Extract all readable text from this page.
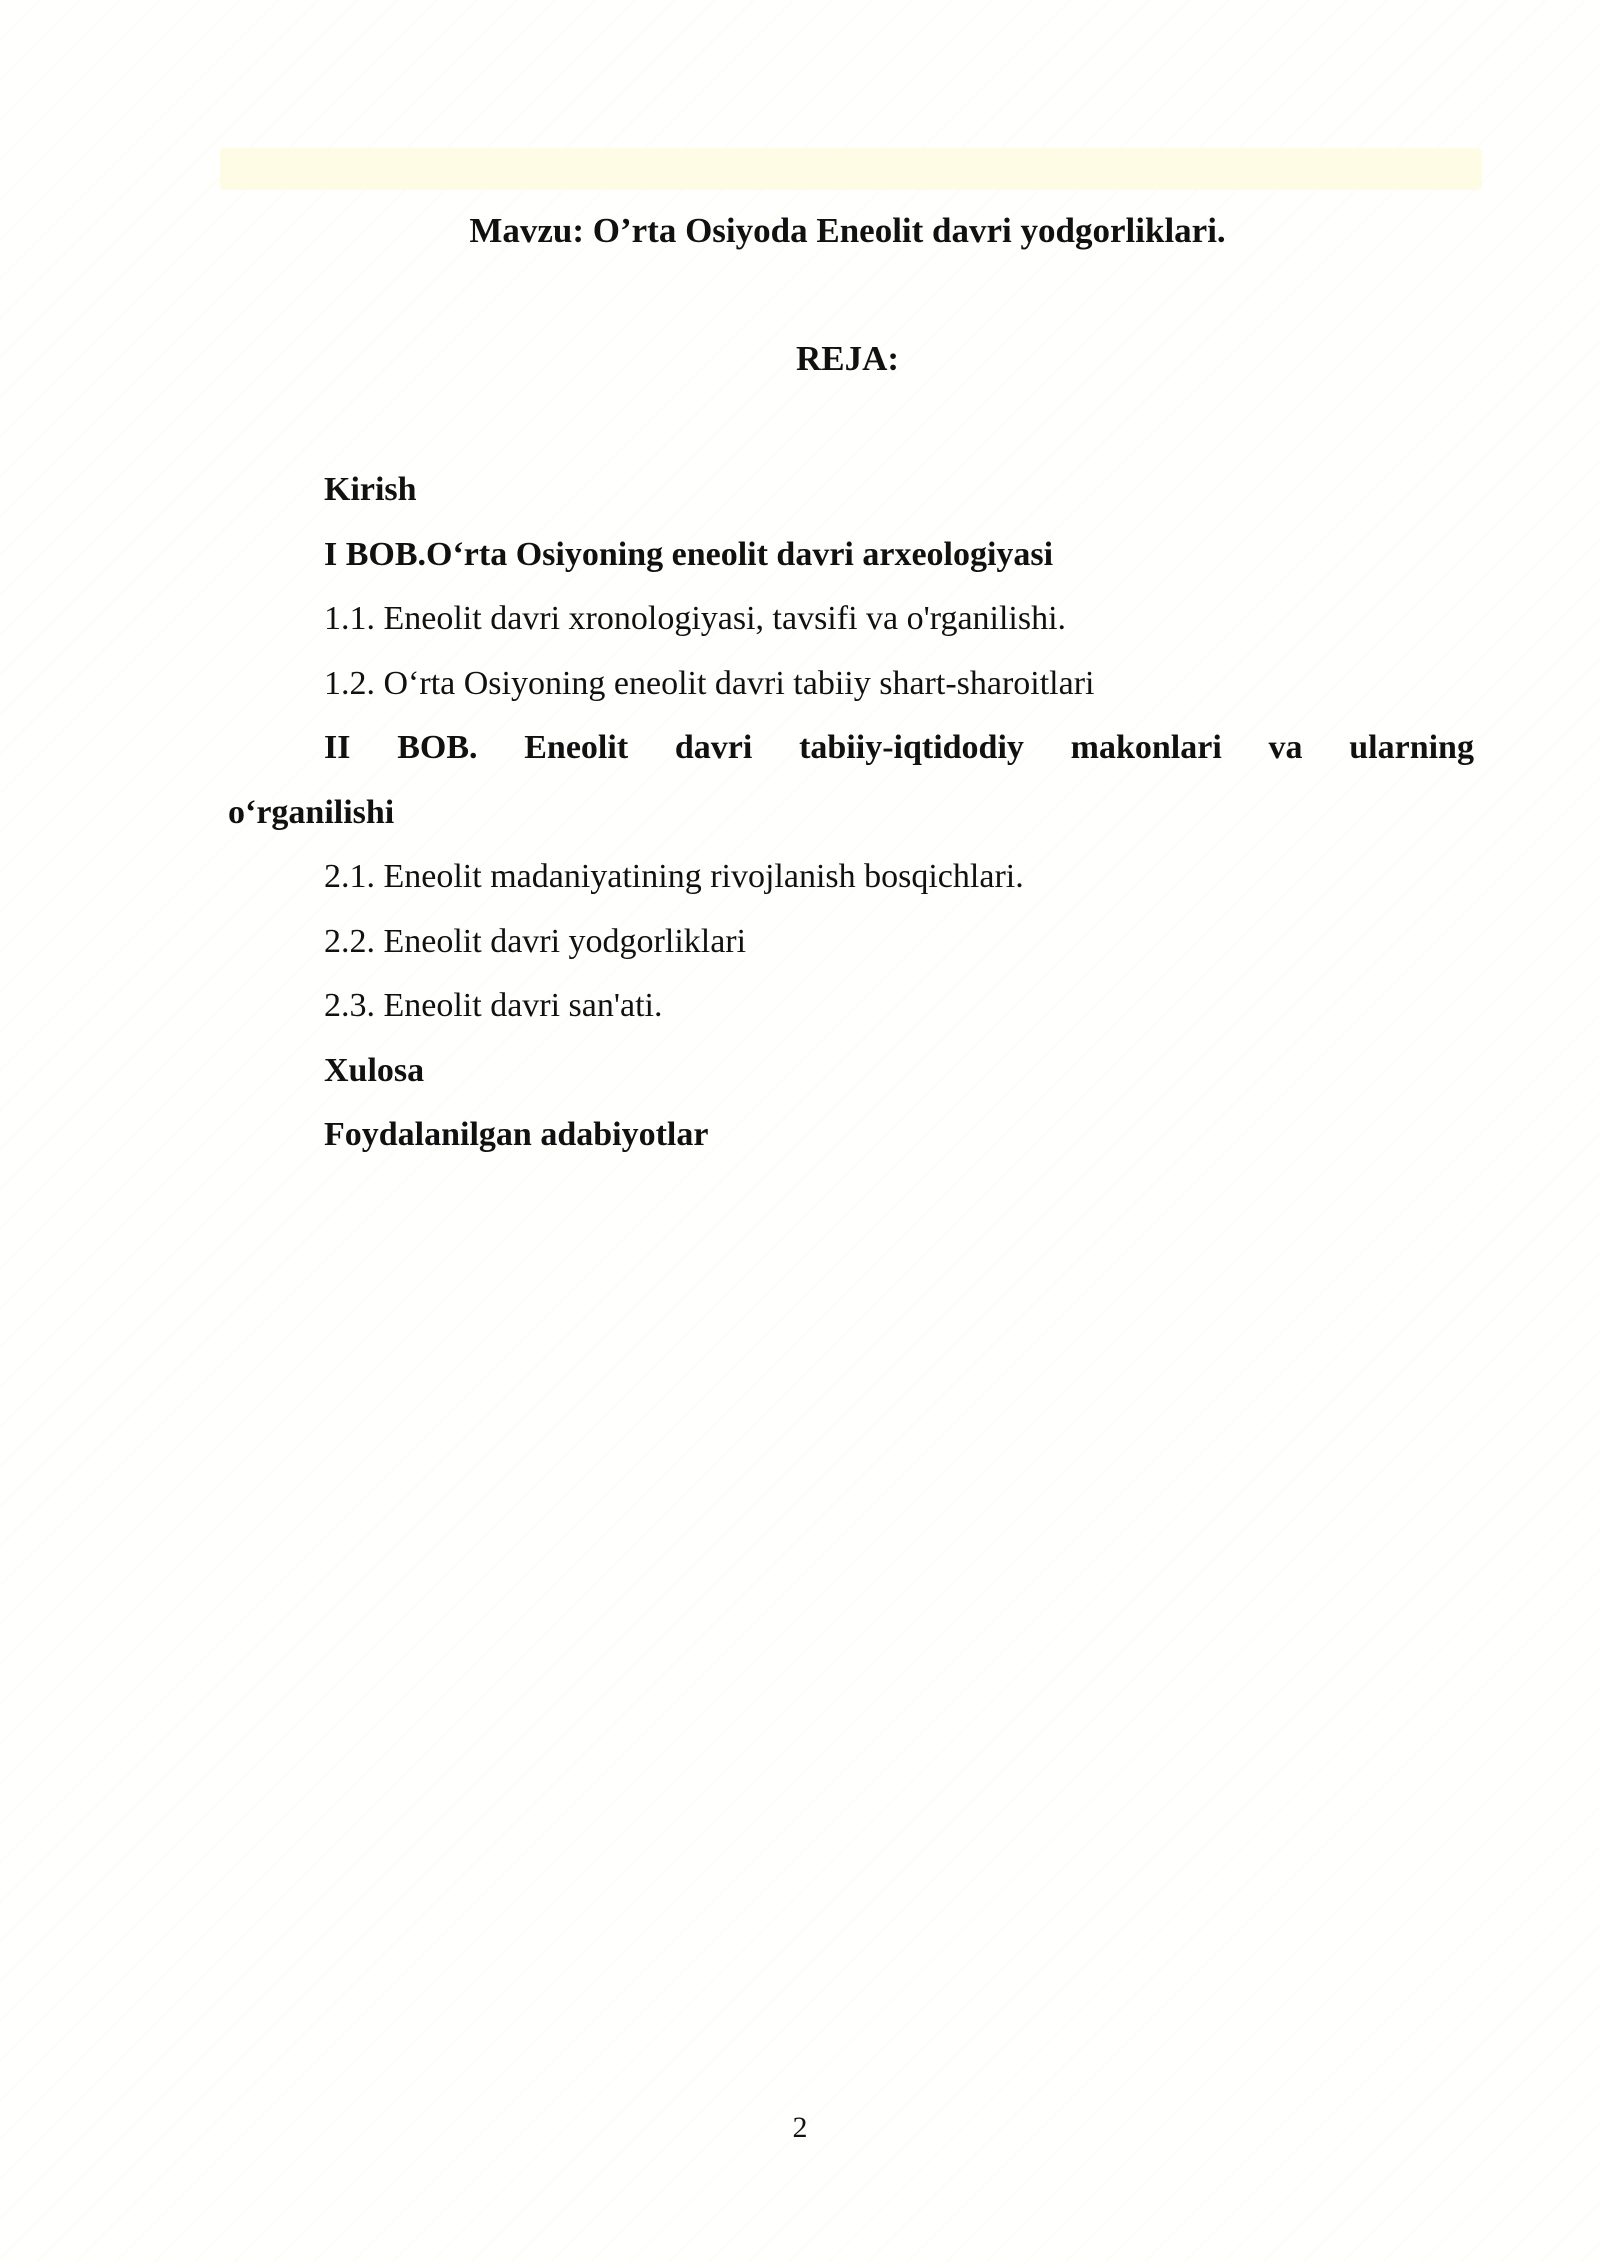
Mavzu: O’rta Osiyoda Eneolit davri yodgorliklari.
REJA:
Kirish
I BOB.O‘rta Osiyoning eneolit davri arxeologiyasi
1.1. Eneolit davri xronologiyasi, tavsifi va o'rganilishi.
1.2. O‘rta Osiyoning eneolit davri tabiiy shart-sharoitlari
II BOB. Eneolit davri tabiiy-iqtidodiy makonlari va ularning
o‘rganilishi
2.1. Eneolit madaniyatining rivojlanish bosqichlari.
2.2. Eneolit davri yodgorliklari
2.3. Eneolit davri san'ati.
Xulosa
Foydalanilgan adabiyotlar
2
